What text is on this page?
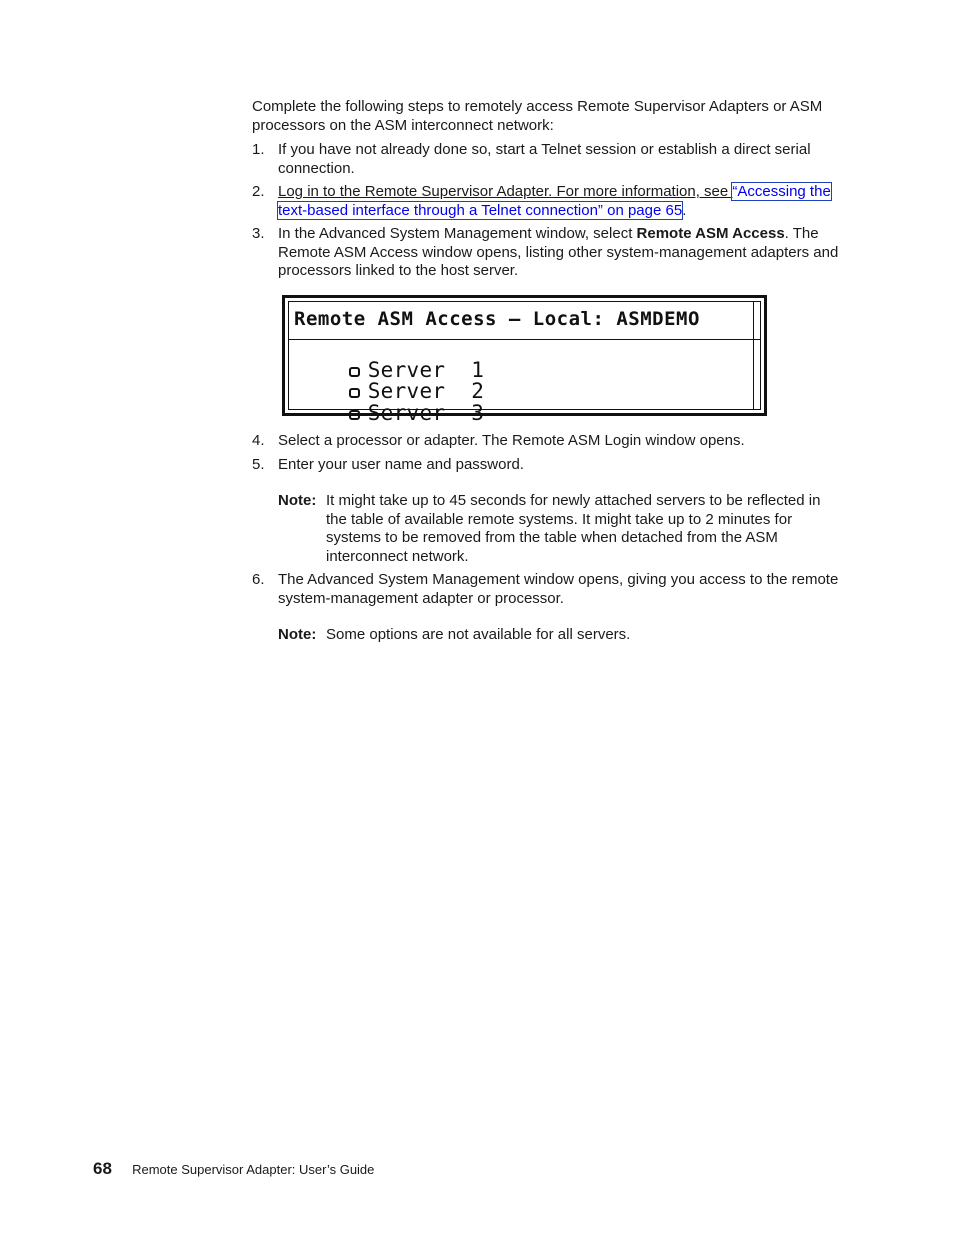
Complete the following steps to remotely access Remote Supervisor Adapters or ASM processors on the ASM interconnect network:

1. If you have not already done so, start a Telnet session or establish a direct serial connection.
2. Log in to the Remote Supervisor Adapter. For more information, see “Accessing the text-based interface through a Telnet connection” on page 65.
3. In the Advanced System Management window, select Remote ASM Access. The Remote ASM Access window opens, listing other system-management adapters and processors linked to the host server.
Remote ASM Access – Local: ASMDEMO

Server  1

Server  2

Server  3

4. Select a processor or adapter. The Remote ASM Login window opens.
5. Enter your user name and password.
Note: It might take up to 45 seconds for newly attached servers to be reflected in the table of available remote systems. It might take up to 2 minutes for systems to be removed from the table when detached from the ASM interconnect network.
6. The Advanced System Management window opens, giving you access to the remote system-management adapter or processor.
Note: Some options are not available for all servers.
68 Remote Supervisor Adapter: User’s Guide
